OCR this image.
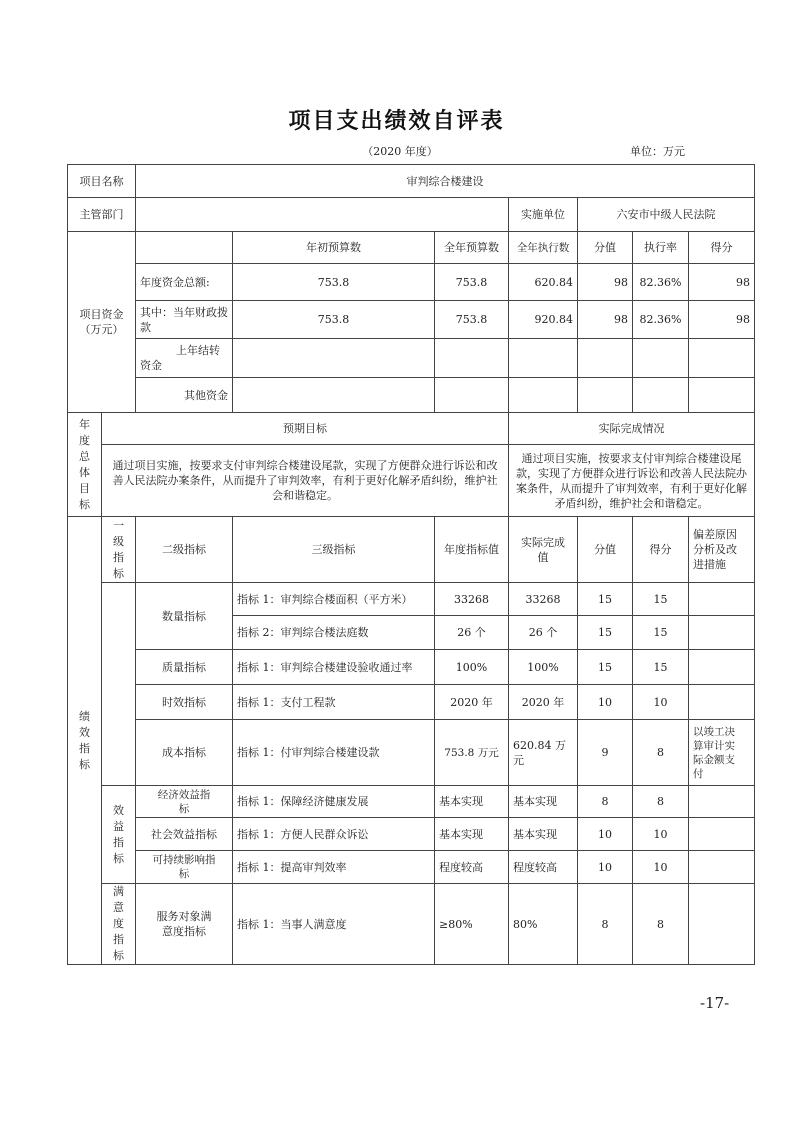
项目支出绩效自评表
（2020 年度）	单位：万元
项目名称		审判综合楼建设						
主管部门					实施单位	六安市中级人民法院		
项目资金（万元）			年初预算数	全年预算数	全年执行数	分值	执行率	得分
		年度资金总额:	753.8	753.8	620.84	98	82.36%	98
		其中：当年财政拨款	753.8	753.8	920.84	98	82.36%	98

		上年结转资金						

		其他资金						
年度总体目标	预期目标				实际完成情况			
	通过项目实施，按要求支付审判综合楼建设尾款，实现了方便群众进行诉讼和改善人民法院办案条件，从而提升了审判效率，有利于更好化解矛盾纠纷，维护社会和谐稳定。				通过项目实施，按要求支付审判综合楼建设尾款，实现了方便群众进行诉讼和改善人民法院办案条件，从而提升了审判效率，有利于更好化解矛盾纠纷，维护社会和谐稳定。			
绩效指标	一级指标	二级指标	三级指标	年度指标值	实际完成值	分值	得分	偏差原因分析及改进措施
		数量指标	指标 1：审判综合楼面积（平方米）	33268	33268	15	15	
			指标 2：审判综合楼法庭数	26 个	26 个	15	15	
		质量指标	指标 1：审判综合楼建设验收通过率	100%	100%	15	15	
		时效指标	指标 1：支付工程款	2020 年	2020 年	10	10	
		成本指标	指标 1：付审判综合楼建设款	753.8 万元	620.84 万元	9	8	以竣工决算审计实际金额支付
	效益指标	经济效益指标	指标 1：保障经济健康发展	基本实现	基本实现	8	8	
		社会效益指标	指标 1：方便人民群众诉讼	基本实现	基本实现	10	10	
		可持续影响指标	指标 1：提高审判效率	程度较高	程度较高	10	10	
	满意度指标	服务对象满意度指标	指标 1：当事人满意度	≥80%	80%	8	8	
-17-
